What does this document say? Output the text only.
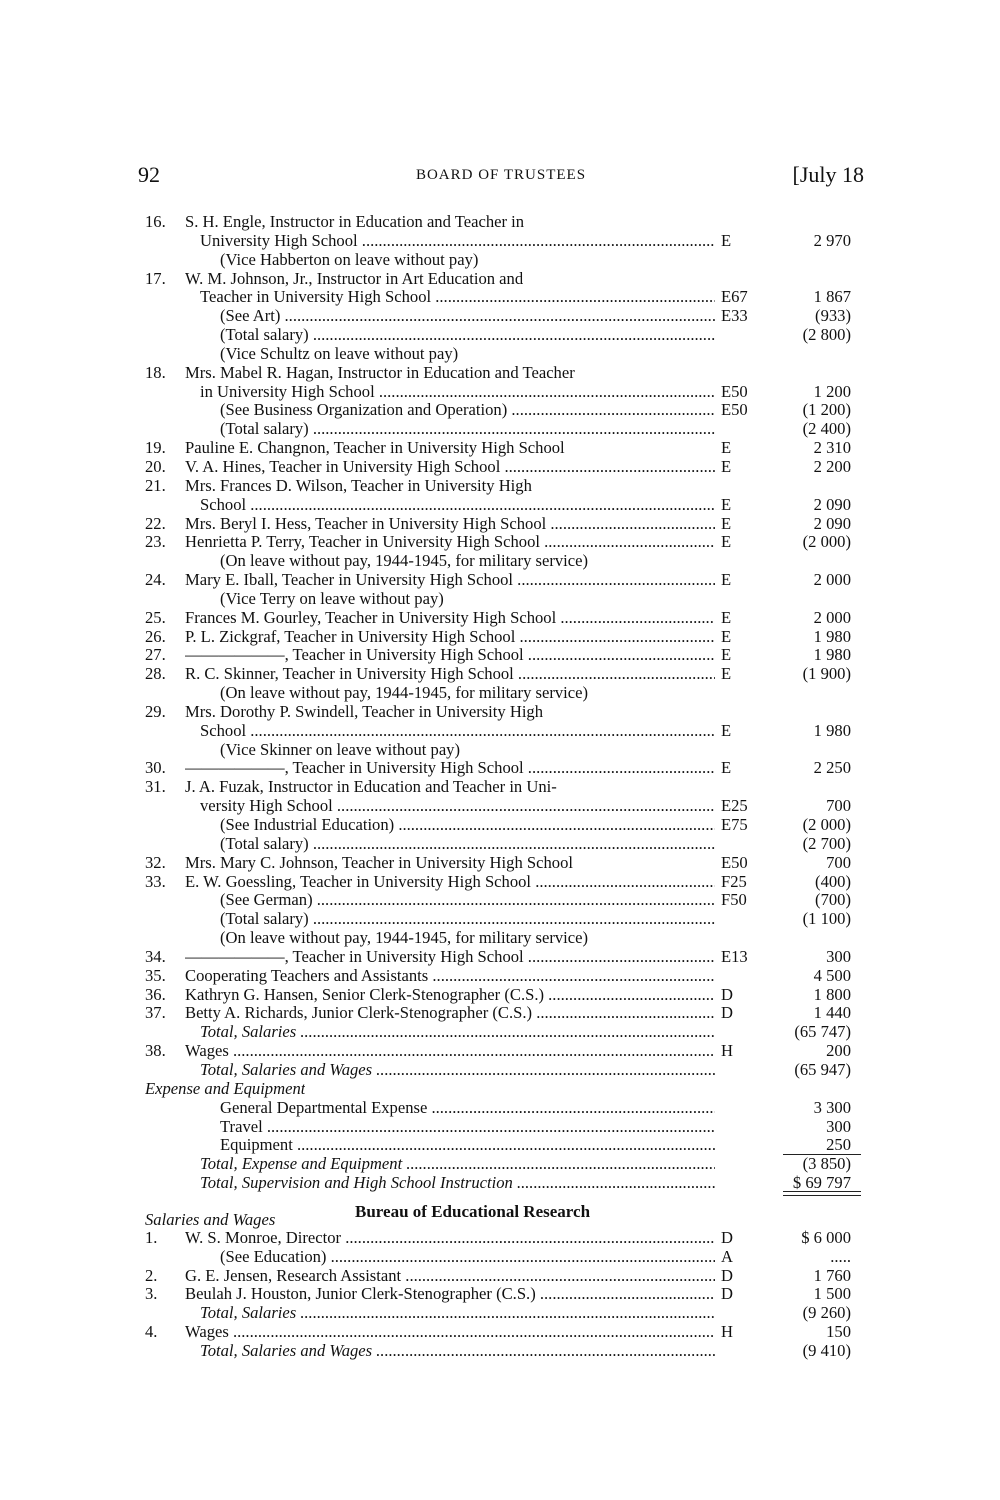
92	BOARD OF TRUSTEES	[July 18
16.	S. H. Engle, Instructor in Education and Teacher in
University High School .....	E	2 970
(Vice Habberton on leave without pay)
17.	W. M. Johnson, Jr., Instructor in Art Education and
Teacher in University High School .....	E67	1 867
(See Art) .....	E33	(933)
(Total salary) .....	(2 800)
(Vice Schultz on leave without pay)
18.	Mrs. Mabel R. Hagan, Instructor in Education and Teacher
in University High School .....	E50	1 200
(See Business Organization and Operation) .....	E50	(1 200)
(Total salary) .....	(2 400)
19.	Pauline E. Changnon, Teacher in University High School	E	2 310
20.	V. A. Hines, Teacher in University High School .....	E	2 200
21.	Mrs. Frances D. Wilson, Teacher in University High
School .....	E	2 090
22.	Mrs. Beryl I. Hess, Teacher in University High School .....	E	2 090
23.	Henrietta P. Terry, Teacher in University High School .....	E	(2 000)
(On leave without pay, 1944-1945, for military service)
24.	Mary E. Iball, Teacher in University High School .....	E	2 000
(Vice Terry on leave without pay)
25.	Frances M. Gourley, Teacher in University High School .....	E	2 000
26.	P. L. Zickgraf, Teacher in University High School .....	E	1 980
27.	——————, Teacher in University High School .....	E	1 980
28.	R. C. Skinner, Teacher in University High School .....	E	(1 900)
(On leave without pay, 1944-1945, for military service)
29.	Mrs. Dorothy P. Swindell, Teacher in University High
School .....	E	1 980
(Vice Skinner on leave without pay)
30.	——————, Teacher in University High School .....	E	2 250
31.	J. A. Fuzak, Instructor in Education and Teacher in Uni-
versity High School .....	E25	700
(See Industrial Education) .....	E75	(2 000)
(Total salary) .....	(2 700)
32.	Mrs. Mary C. Johnson, Teacher in University High School	E50	700
33.	E. W. Goessling, Teacher in University High School .....	F25	(400)
(See German) .....	F50	(700)
(Total salary) .....	(1 100)
(On leave without pay, 1944-1945, for military service)
34.	——————, Teacher in University High School .....	E13	300
35.	Cooperating Teachers and Assistants .....	4 500
36.	Kathryn G. Hansen, Senior Clerk-Stenographer (C.S.) .....	D	1 800
37.	Betty A. Richards, Junior Clerk-Stenographer (C.S.) .....	D	1 440
Total, Salaries .....	(65 747)
38.	Wages .....	H	200
Total, Salaries and Wages .....	(65 947)
Expense and Equipment
General Departmental Expense .....	3 300
Travel .....	300
Equipment .....	250
Total, Expense and Equipment .....	(3 850)
Total, Supervision and High School Instruction .....	$ 69 797
Salaries and Wages	Bureau of Educational Research
1.	W. S. Monroe, Director .....	D	$ 6 000
(See Education) .....	A	.....
2.	G. E. Jensen, Research Assistant .....	D	1 760
3.	Beulah J. Houston, Junior Clerk-Stenographer (C.S.) .....	D	1 500
Total, Salaries .....	(9 260)
4.	Wages .....	H	150
Total, Salaries and Wages .....	(9 410)
